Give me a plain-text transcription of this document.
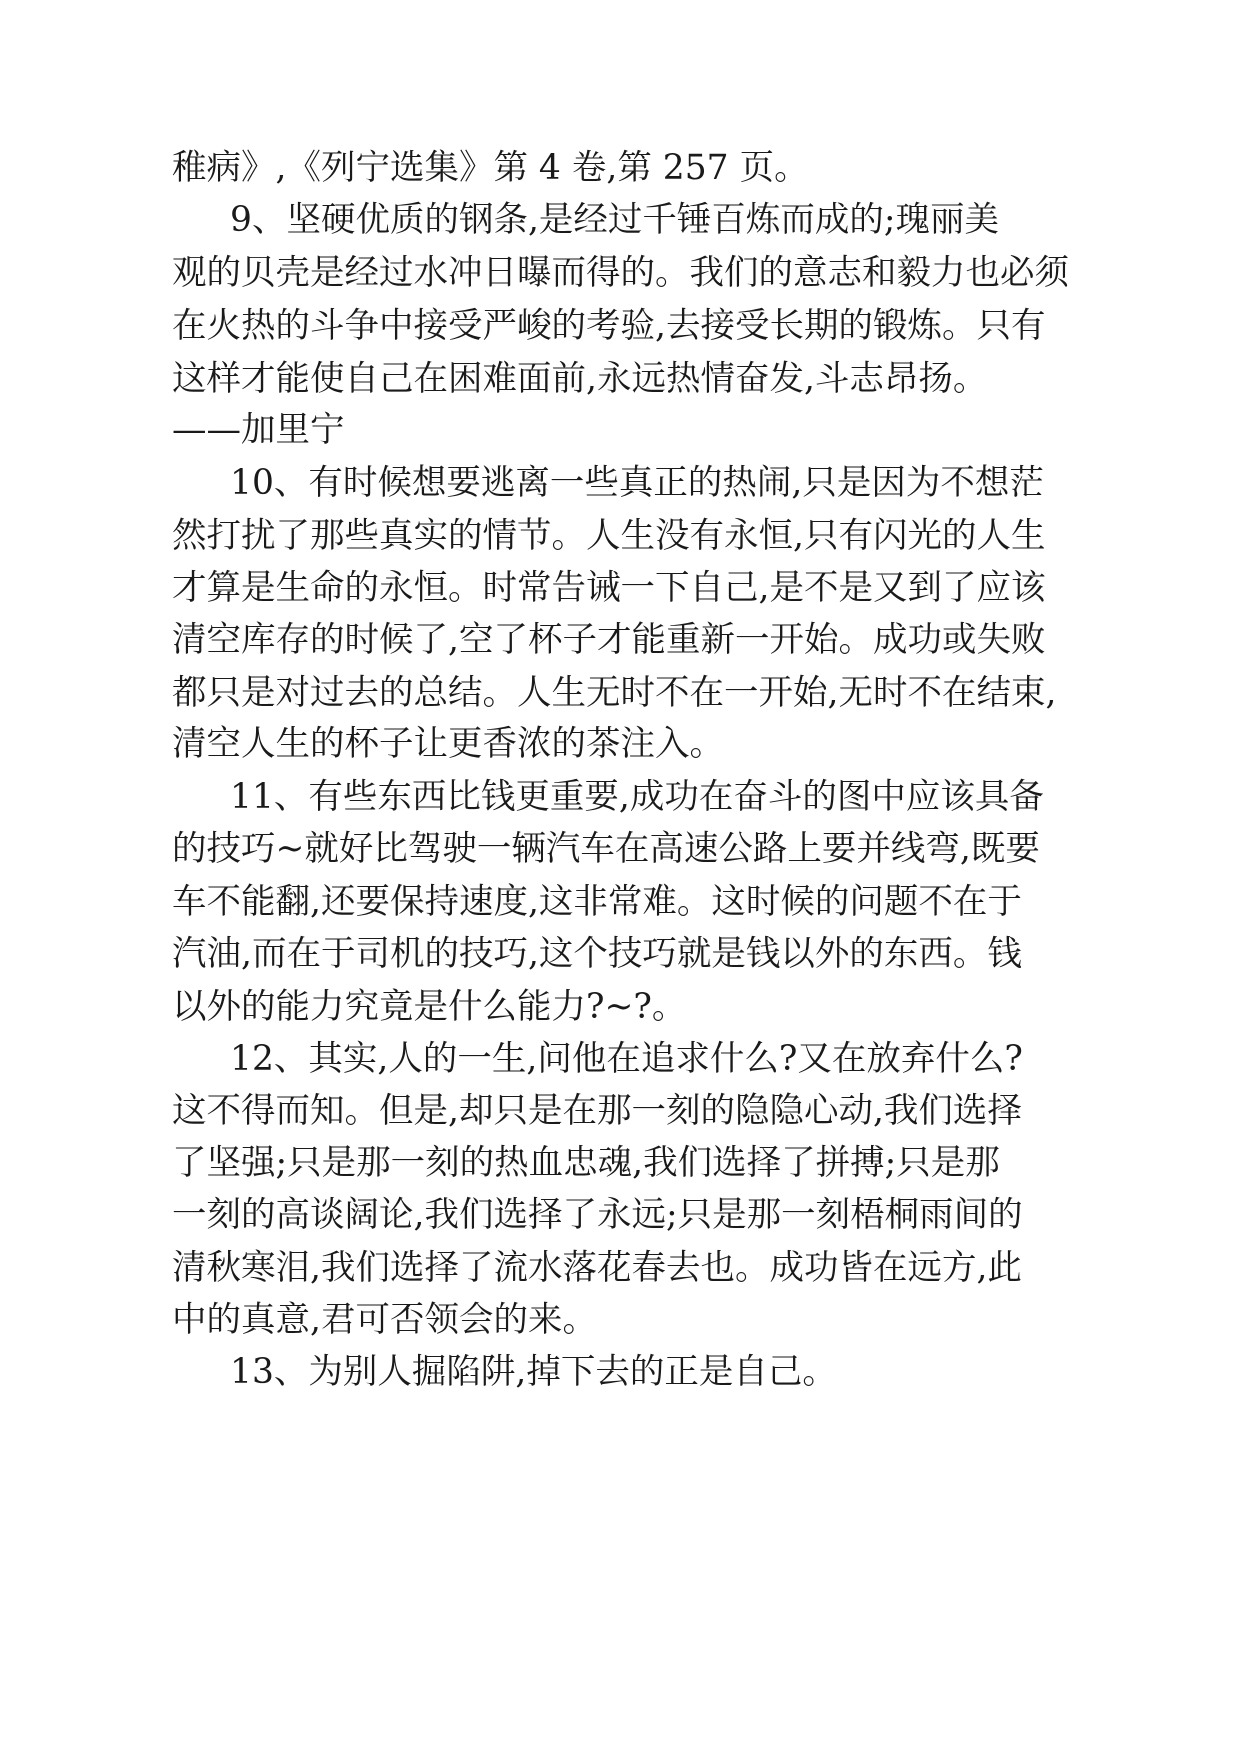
稚病》,《列宁选集》第 4 卷,第 257 页。
9、坚硬优质的钢条,是经过千锤百炼而成的;瑰丽美
观的贝壳是经过水冲日曝而得的。我们的意志和毅力也必须
在火热的斗争中接受严峻的考验,去接受长期的锻炼。只有
这样才能使自己在困难面前,永远热情奋发,斗志昂扬。
——加里宁
10、有时候想要逃离一些真正的热闹,只是因为不想茫
然打扰了那些真实的情节。人生没有永恒,只有闪光的人生
才算是生命的永恒。时常告诫一下自己,是不是又到了应该
清空库存的时候了,空了杯子才能重新一开始。成功或失败
都只是对过去的总结。人生无时不在一开始,无时不在结束,
清空人生的杯子让更香浓的茶注入。
11、有些东西比钱更重要,成功在奋斗的图中应该具备
的技巧~就好比驾驶一辆汽车在高速公路上要并线弯,既要
车不能翻,还要保持速度,这非常难。这时候的问题不在于
汽油,而在于司机的技巧,这个技巧就是钱以外的东西。钱
以外的能力究竟是什么能力?~?。
12、其实,人的一生,问他在追求什么?又在放弃什么?
这不得而知。但是,却只是在那一刻的隐隐心动,我们选择
了坚强;只是那一刻的热血忠魂,我们选择了拼搏;只是那
一刻的高谈阔论,我们选择了永远;只是那一刻梧桐雨间的
清秋寒泪,我们选择了流水落花春去也。成功皆在远方,此
中的真意,君可否领会的来。
13、为别人掘陷阱,掉下去的正是自己。
